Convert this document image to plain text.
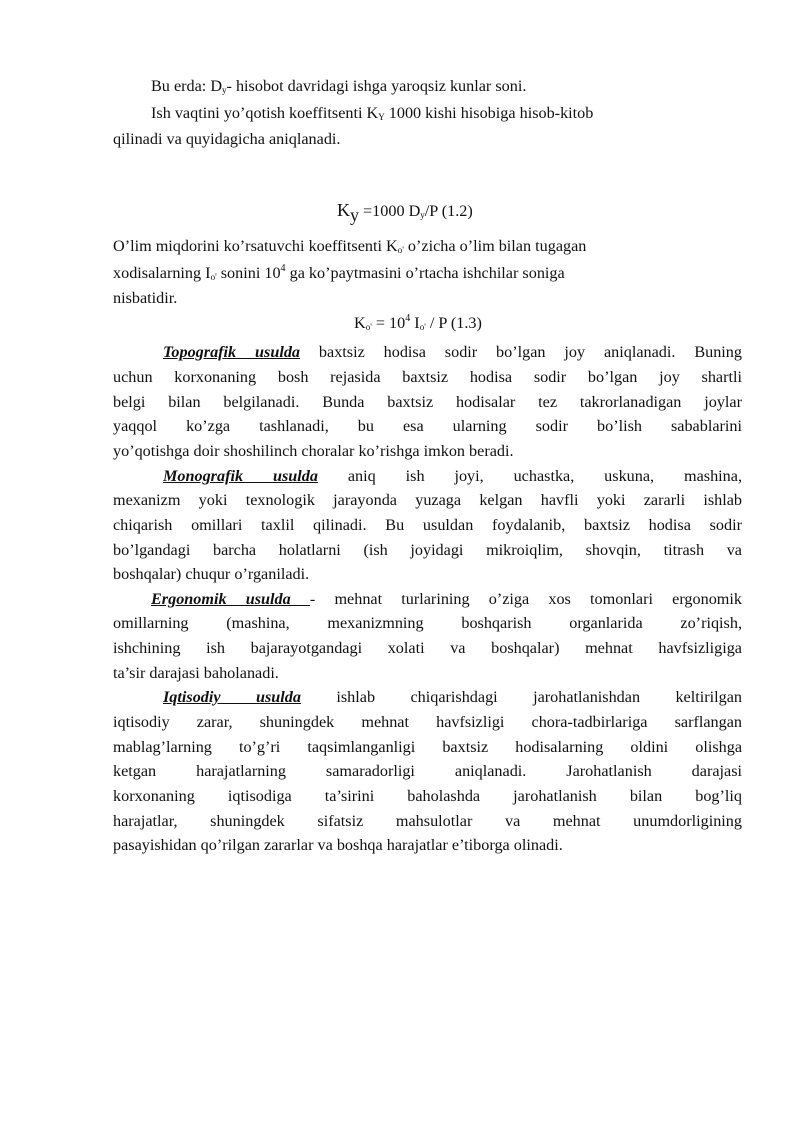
Bu erda: $D_y-$ hisobot davridagi ishga yaroqsiz kunlar soni.
Ish vaqtini yo’qotish koeffitsenti $K_Y$ 1000 kishi hisobiga hisob-kitob
qilinadi va quyidagicha aniqlanadi.
Ky =1000 $D_y/P$ (1.2)
O’lim miqdorini ko’rsatuvchi koeffitsenti $K_{o'}$ o’zicha o’lim bilan tugagan
xodisalarning $I_{o'}$ sonini $10^4$ ga ko’paytmasini o’rtacha ishchilar soniga
nisbatidir.
$K_{o'} = 10^4$ $I_{o'}$ / P (1.3)
Topografik usulda baxtsiz hodisa sodir bo’lgan joy aniqlanadi. Buning
uchun korxonaning bosh rejasida baxtsiz hodisa sodir bo’lgan joy shartli
belgi bilan belgilanadi. Bunda baxtsiz hodisalar tez takrorlanadigan joylar
yaqqol ko’zga tashlanadi, bu esa ularning sodir bo’lish sabablarini
yo’qotishga doir shoshilinch choralar ko’rishga imkon beradi.
Monografik usulda aniq ish joyi, uchastka, uskuna, mashina,
mexanizm yoki texnologik jarayonda yuzaga kelgan havfli yoki zararli ishlab
chiqarish omillari taxlil qilinadi. Bu usuldan foydalanib, baxtsiz hodisa sodir
bo’lgandagi barcha holatlarni (ish joyidagi mikroiqlim, shovqin, titrash va
boshqalar) chuqur o’rganiladi.
Ergonomik usulda - mehnat turlarining o’ziga xos tomonlari ergonomik
omillarning (mashina, mexanizmning boshqarish organlarida zo’riqish,
ishchining ish bajarayotgandagi xolati va boshqalar) mehnat havfsizligiga
ta’sir darajasi baholanadi.
Iqtisodiy usulda ishlab chiqarishdagi jarohatlanishdan keltirilgan
iqtisodiy zarar, shuningdek mehnat havfsizligi chora-tadbirlariga sarflangan
mablag’larning to’g’ri taqsimlanganligi baxtsiz hodisalarning oldini olishga
ketgan harajatlarning samaradorligi aniqlanadi. Jarohatlanish darajasi
korxonaning iqtisodiga ta’sirini baholashda jarohatlanish bilan bog’liq
harajatlar, shuningdek sifatsiz mahsulotlar va mehnat unumdorligining
pasayishidan qo’rilgan zararlar va boshqa harajatlar e’tiborga olinadi.
